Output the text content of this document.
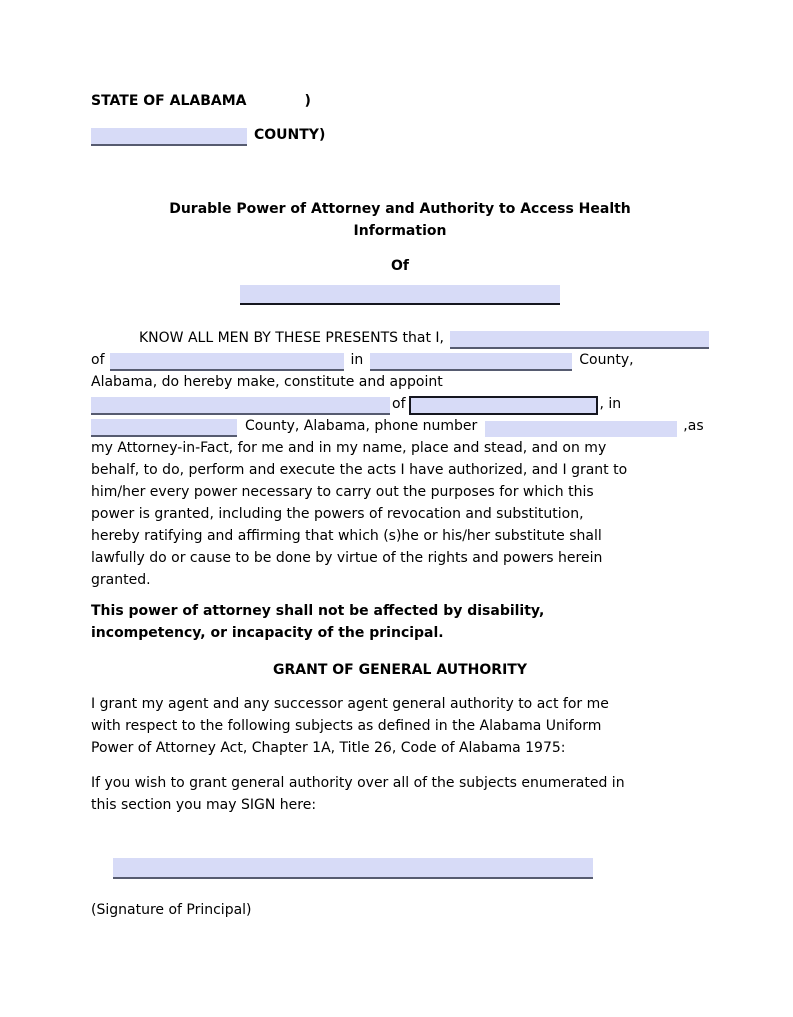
STATE OF ALABAMA	)
COUNTY)
Durable Power of Attorney and Authority to Access Health
Information
Of
KNOW ALL MEN BY THESE PRESENTS that I,
of	in	County,
Alabama, do hereby make, constitute and appoint
of	, in
County, Alabama, phone number	,as
my Attorney-in-Fact, for me and in my name, place and stead, and on my
behalf, to do, perform and execute the acts I have authorized, and I grant to
him/her every power necessary to carry out the purposes for which this
power is granted, including the powers of revocation and substitution,
hereby ratifying and affirming that which (s)he or his/her substitute shall
lawfully do or cause to be done by virtue of the rights and powers herein
granted.
This power of attorney shall not be affected by disability,
incompetency, or incapacity of the principal.
GRANT OF GENERAL AUTHORITY
I grant my agent and any successor agent general authority to act for me
with respect to the following subjects as defined in the Alabama Uniform
Power of Attorney Act, Chapter 1A, Title 26, Code of Alabama 1975:
If you wish to grant general authority over all of the subjects enumerated in
this section you may SIGN here:
(Signature of Principal)
